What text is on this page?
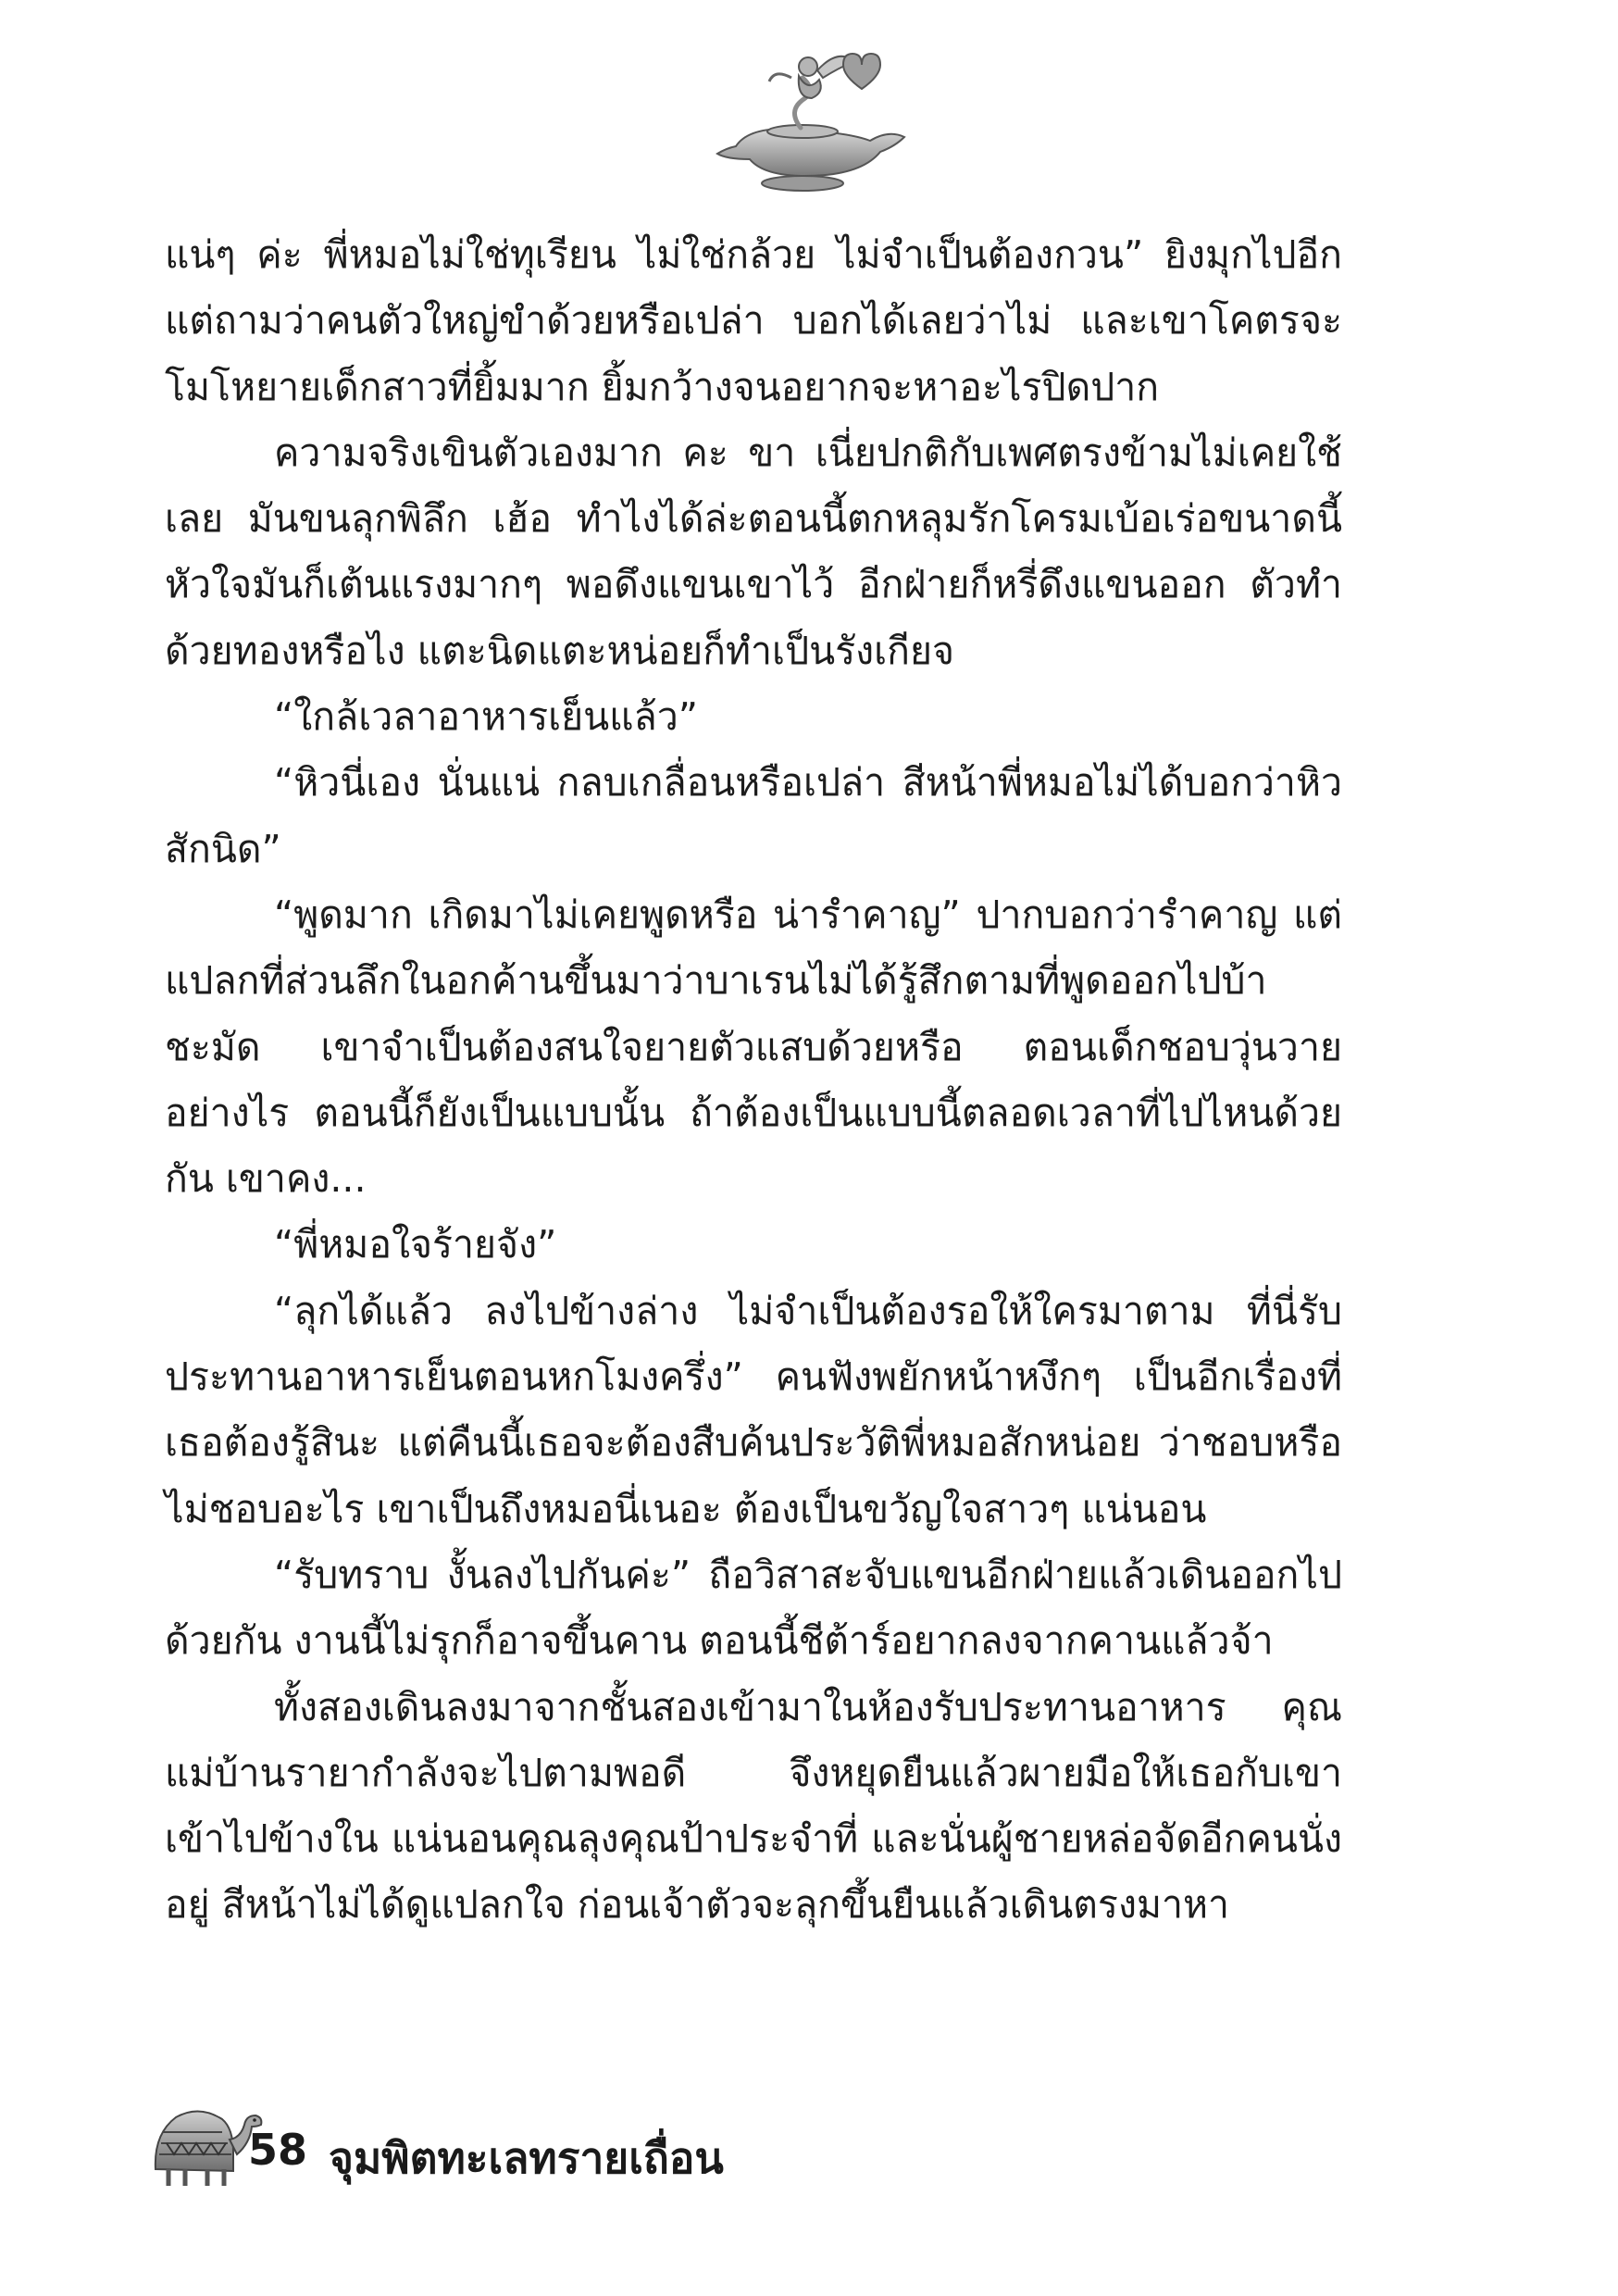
แน่ๆ ค่ะ พี่หมอไม่ใช่ทุเรียน ไม่ใช่กล้วย ไม่จำเป็นต้องกวน” ยิงมุกไปอีก แต่ถามว่าคนตัวใหญ่ขำด้วยหรือเปล่า บอกได้เลยว่าไม่ และเขาโคตรจะโมโหยายเด็กสาวที่ยิ้มมาก ยิ้มกว้างจนอยากจะหาอะไรปิดปาก

ความจริงเขินตัวเองมาก คะ ขา เนี่ยปกติกับเพศตรงข้ามไม่เคยใช้เลย มันขนลุกพิลึก เฮ้อ ทำไงได้ล่ะตอนนี้ตกหลุมรักโครมเบ้อเร่อขนาดนี้ หัวใจมันก็เต้นแรงมากๆ พอดึงแขนเขาไว้ อีกฝ่ายก็หรี่ดึงแขนออก ตัวทำด้วยทองหรือไง แตะนิดแตะหน่อยก็ทำเป็นรังเกียจ

“ใกล้เวลาอาหารเย็นแล้ว”

“หิวนี่เอง นั่นแน่ กลบเกลื่อนหรือเปล่า สีหน้าพี่หมอไม่ได้บอกว่าหิวสักนิด”

“พูดมาก เกิดมาไม่เคยพูดหรือ น่ารำคาญ” ปากบอกว่ารำคาญ แต่แปลกที่ส่วนลึกในอกค้านขึ้นมาว่าบาเรนไม่ได้รู้สึกตามที่พูดออกไปบ้าชะมัด เขาจำเป็นต้องสนใจยายตัวแสบด้วยหรือ ตอนเด็กชอบวุ่นวายอย่างไร ตอนนี้ก็ยังเป็นแบบนั้น ถ้าต้องเป็นแบบนี้ตลอดเวลาที่ไปไหนด้วยกัน เขาคง...

“พี่หมอใจร้ายจัง”

“ลุกได้แล้ว ลงไปข้างล่าง ไม่จำเป็นต้องรอให้ใครมาตาม ที่นี่รับประทานอาหารเย็นตอนหกโมงครึ่ง” คนฟังพยักหน้าหงึกๆ เป็นอีกเรื่องที่เธอต้องรู้สินะ แต่คืนนี้เธอจะต้องสืบค้นประวัติพี่หมอสักหน่อย ว่าชอบหรือไม่ชอบอะไร เขาเป็นถึงหมอนี่เนอะ ต้องเป็นขวัญใจสาวๆ แน่นอน

“รับทราบ งั้นลงไปกันค่ะ” ถือวิสาสะจับแขนอีกฝ่ายแล้วเดินออกไปด้วยกัน งานนี้ไม่รุกก็อาจขึ้นคาน ตอนนี้ชีต้าร์อยากลงจากคานแล้วจ้า

ทั้งสองเดินลงมาจากชั้นสองเข้ามาในห้องรับประทานอาหาร คุณแม่บ้านรายากำลังจะไปตามพอดี จึงหยุดยืนแล้วผายมือให้เธอกับเขาเข้าไปข้างใน แน่นอนคุณลุงคุณป้าประจำที่ และนั่นผู้ชายหล่อจัดอีกคนนั่งอยู่ สีหน้าไม่ได้ดูแปลกใจ ก่อนเจ้าตัวจะลุกขึ้นยืนแล้วเดินตรงมาหา

58 จุมพิตทะเลทรายเถื่อน
